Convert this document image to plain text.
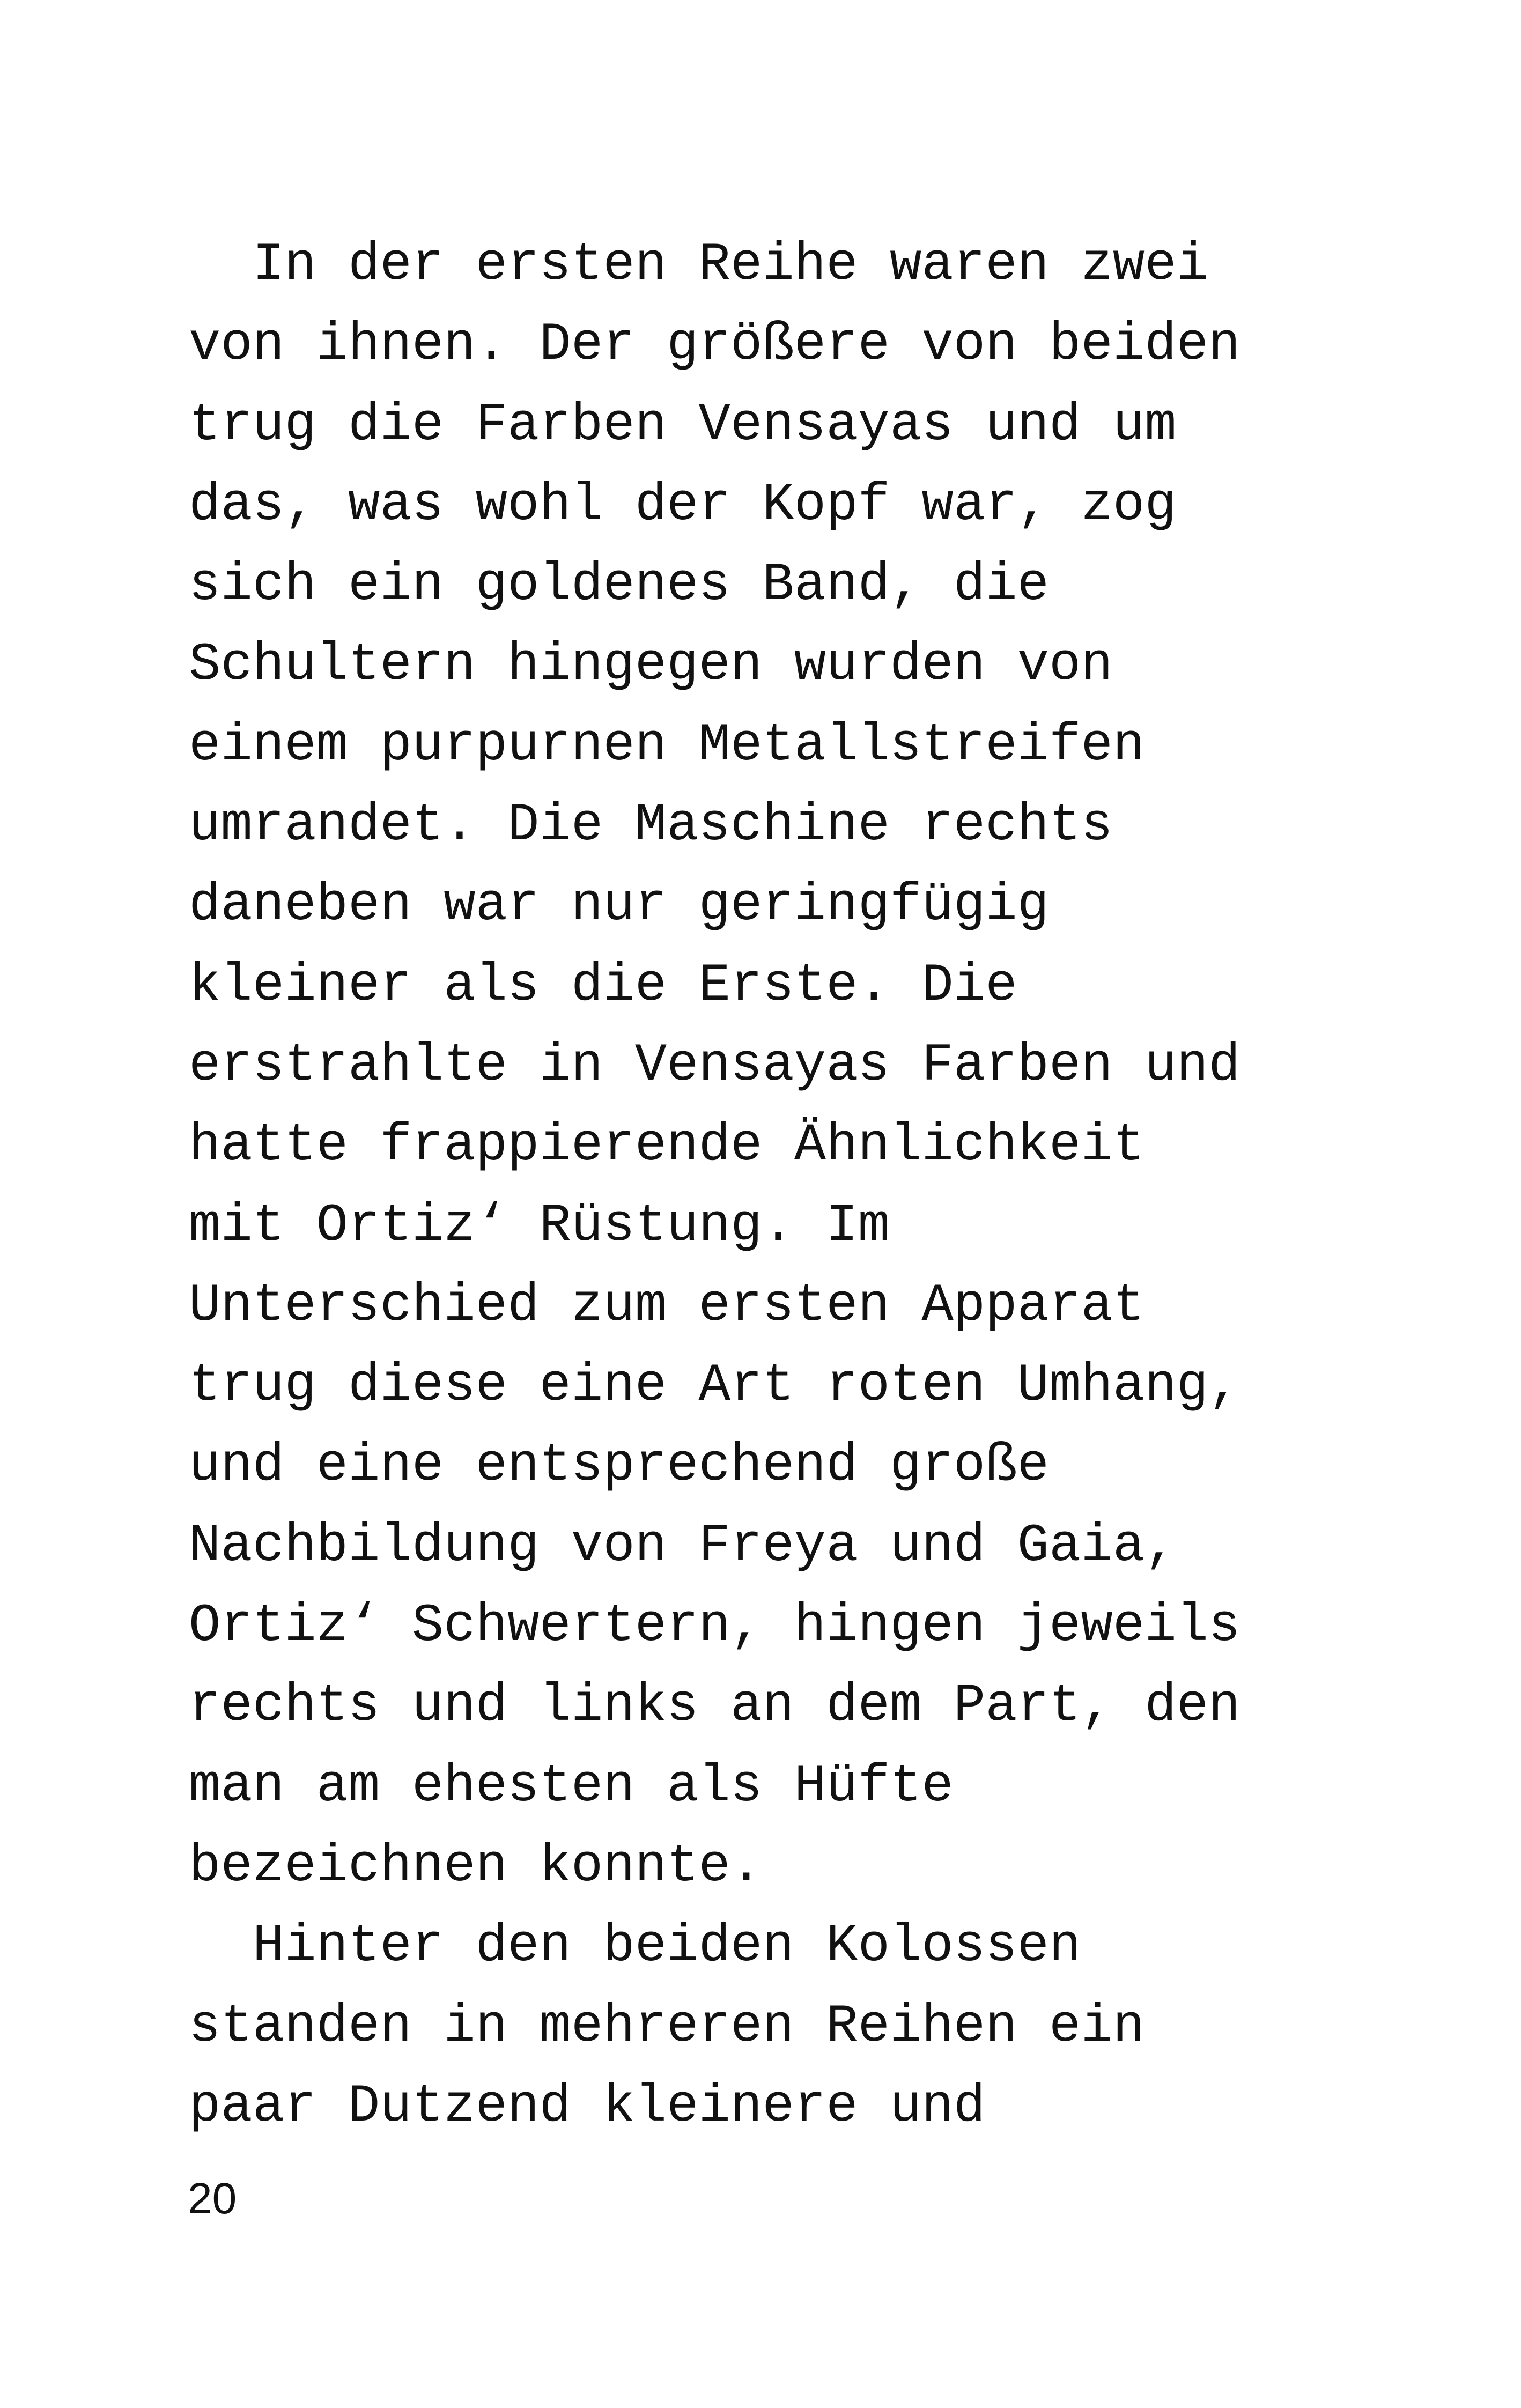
In der ersten Reihe waren zwei

von ihnen. Der größere von beiden

trug die Farben Vensayas und um

das, was wohl der Kopf war, zog

sich ein goldenes Band, die

Schultern hingegen wurden von

einem purpurnen Metallstreifen

umrandet. Die Maschine rechts

daneben war nur geringfügig

kleiner als die Erste. Die

erstrahlte in Vensayas Farben und

hatte frappierende Ähnlichkeit

mit Ortiz‘ Rüstung. Im

Unterschied zum ersten Apparat

trug diese eine Art roten Umhang,

und eine entsprechend große

Nachbildung von Freya und Gaia,

Ortiz‘ Schwertern, hingen jeweils

rechts und links an dem Part, den

man am ehesten als Hüfte

bezeichnen konnte.

Hinter den beiden Kolossen

standen in mehreren Reihen ein

paar Dutzend kleinere und

20
